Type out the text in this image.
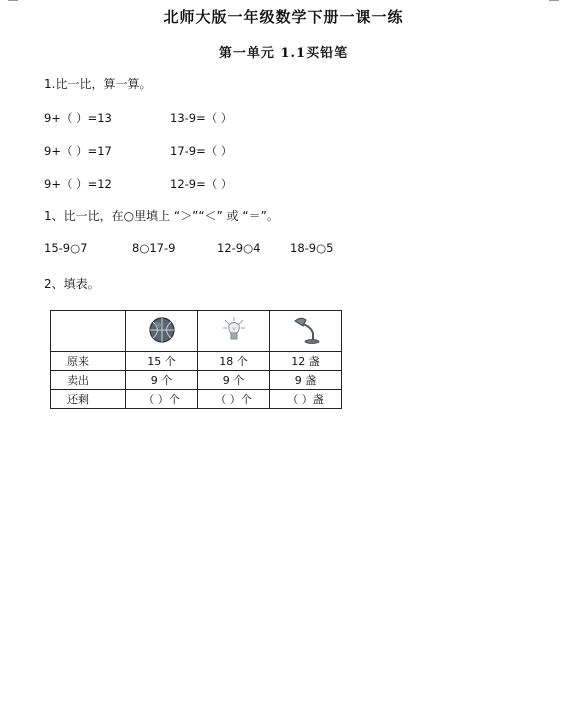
北师大版一年级数学下册一课一练
第一单元 1.1买铅笔
1.比一比，算一算。
9+（ ）=13	13-9=（ ）
9+（ ）=17	17-9=（ ）
9+（ ）=12	12-9=（ ）
1、比一比，在○里填上 “＞”“＜” 或 “＝”。
15-9○7	8○17-9	12-9○4	18-9○5
2、填表。

原来	15 个	18 个	12 盏
卖出	9 个	9 个	9 盏
还剩	（ ）个	（ ）个	（ ）盏
